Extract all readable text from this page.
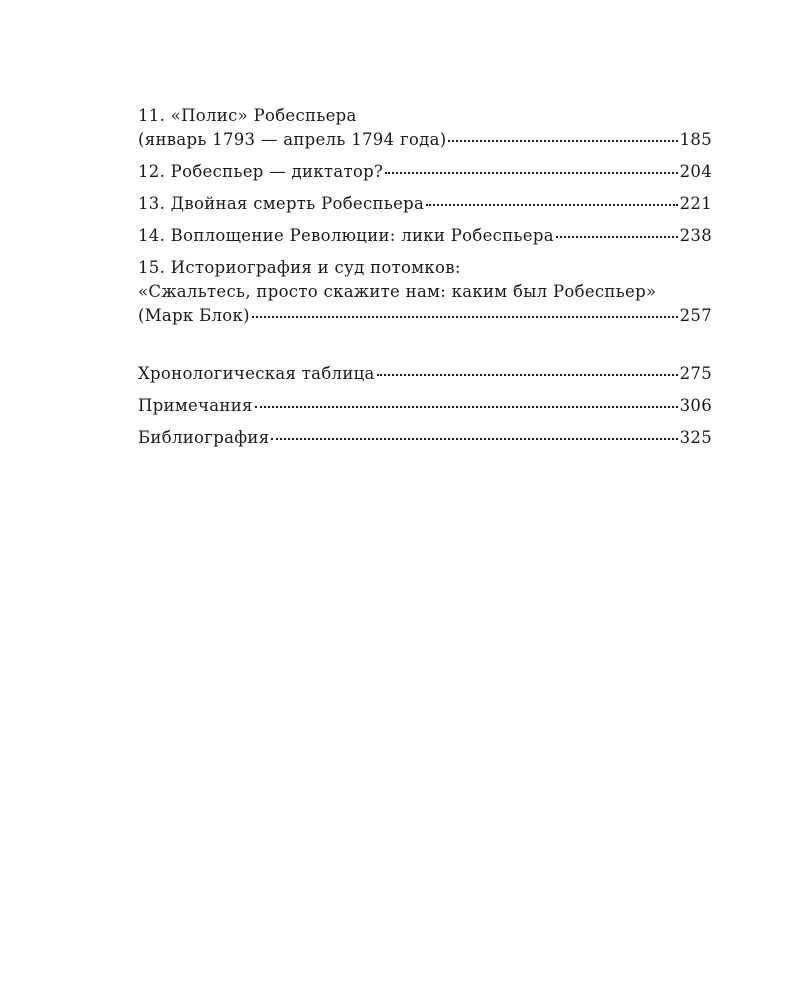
11. «Полис» Робеспьера
(январь 1793 — апрель 1794 года)	185
12. Робеспьер — диктатор?	204
13. Двойная смерть Робеспьера	221
14. Воплощение Революции: лики Робеспьера	238
15. Историография и суд потомков:
«Сжальтесь, просто скажите нам: каким был Робеспьер»
(Марк Блок)	257
Хронологическая таблица	275
Примечания	306
Библиография	325
